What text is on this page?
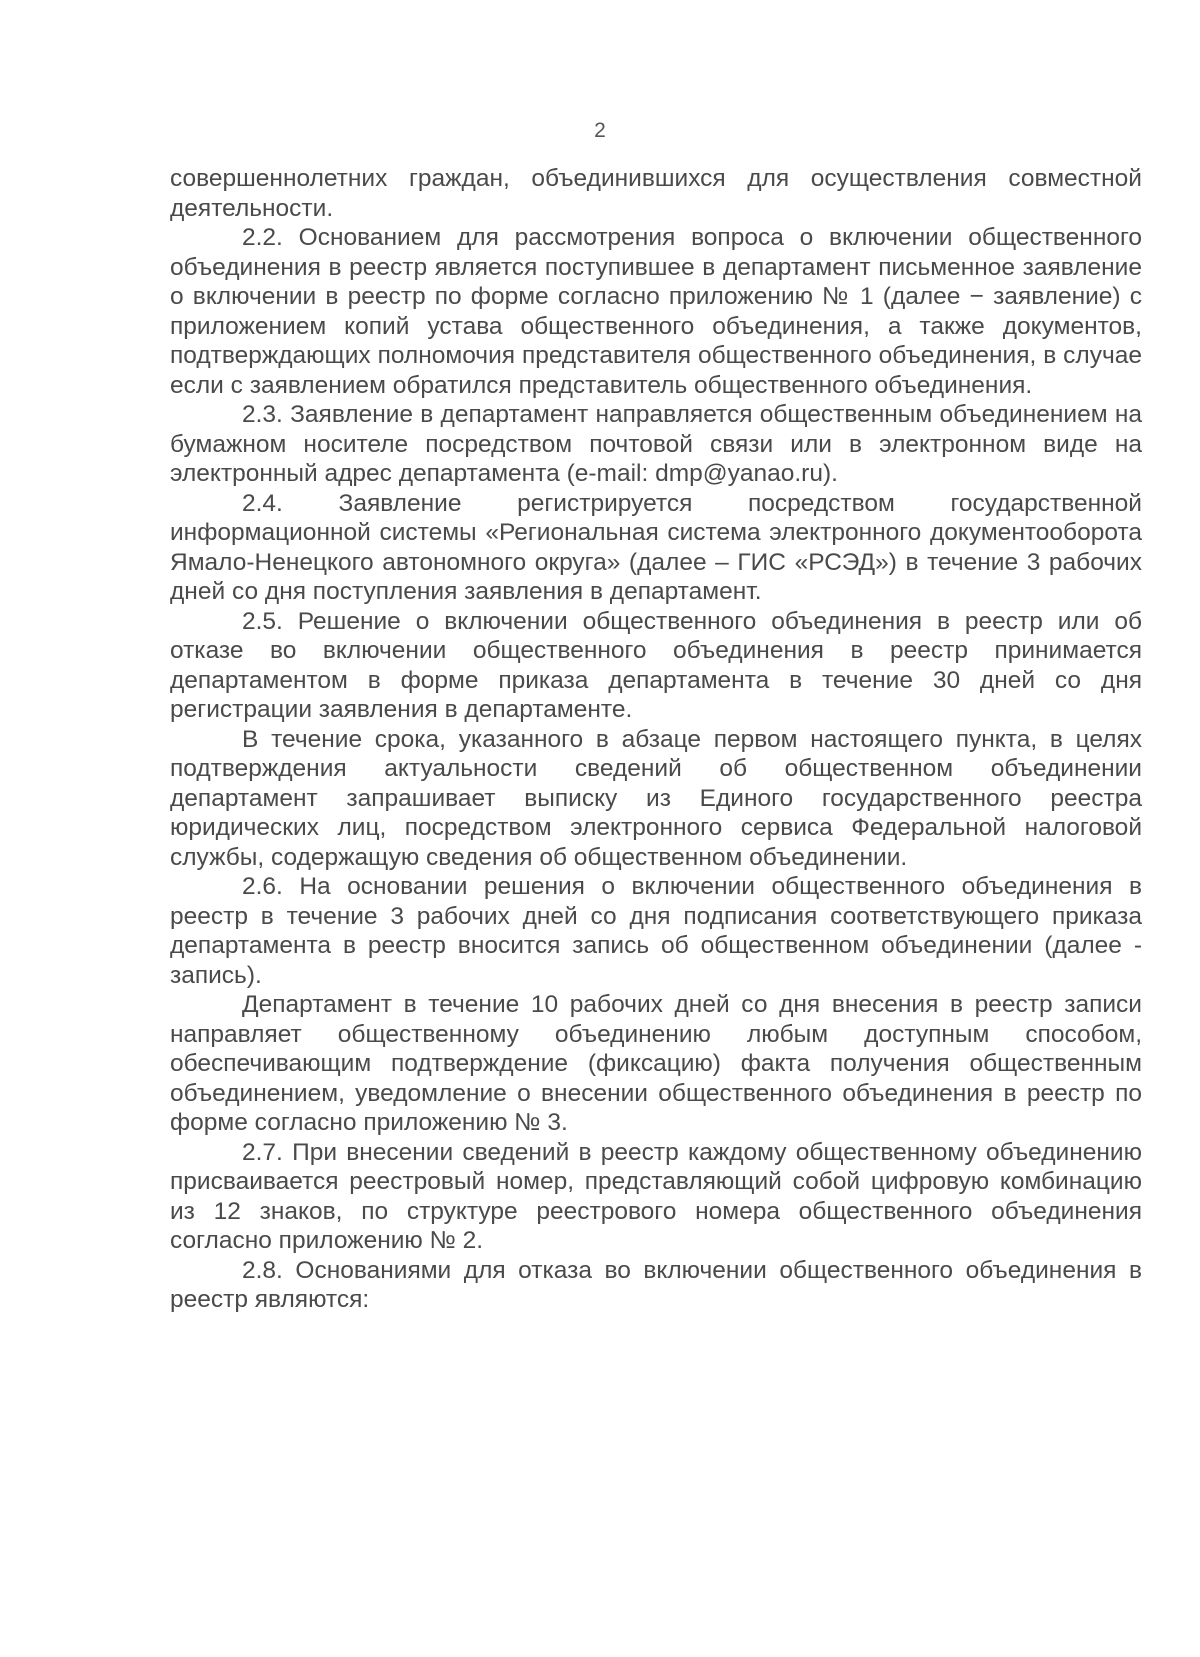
2

совершеннолетних граждан, объединившихся для осуществления совместной деятельности.

2.2. Основанием для рассмотрения вопроса о включении общественного объединения в реестр является поступившее в департамент письменное заявление о включении в реестр по форме согласно приложению № 1 (далее − заявление) с приложением копий устава общественного объединения, а также документов, подтверждающих полномочия представителя общественного объединения, в случае если с заявлением обратился представитель общественного объединения.

2.3. Заявление в департамент направляется общественным объединением на бумажном носителе посредством почтовой связи или в электронном виде на электронный адрес департамента (e-mail: dmp@yanao.ru).

2.4. Заявление регистрируется посредством государственной информационной системы «Региональная система электронного документооборота Ямало-Ненецкого автономного округа» (далее – ГИС «РСЭД») в течение 3 рабочих дней со дня поступления заявления в департамент.

2.5. Решение о включении общественного объединения в реестр или об отказе во включении общественного объединения в реестр принимается департаментом в форме приказа департамента в течение 30 дней со дня регистрации заявления в департаменте.

В течение срока, указанного в абзаце первом настоящего пункта, в целях подтверждения актуальности сведений об общественном объединении департамент запрашивает выписку из Единого государственного реестра юридических лиц, посредством электронного сервиса Федеральной налоговой службы, содержащую сведения об общественном объединении.

2.6. На основании решения о включении общественного объединения в реестр в течение 3 рабочих дней со дня подписания соответствующего приказа департамента в реестр вносится запись об общественном объединении (далее - запись).

Департамент в течение 10 рабочих дней со дня внесения в реестр записи направляет общественному объединению любым доступным способом, обеспечивающим подтверждение (фиксацию) факта получения общественным объединением, уведомление о внесении общественного объединения в реестр по форме согласно приложению № 3.

2.7. При внесении сведений в реестр каждому общественному объединению присваивается реестровый номер, представляющий собой цифровую комбинацию из 12 знаков, по структуре реестрового номера общественного объединения согласно приложению № 2.

2.8. Основаниями для отказа во включении общественного объединения в реестр являются:
